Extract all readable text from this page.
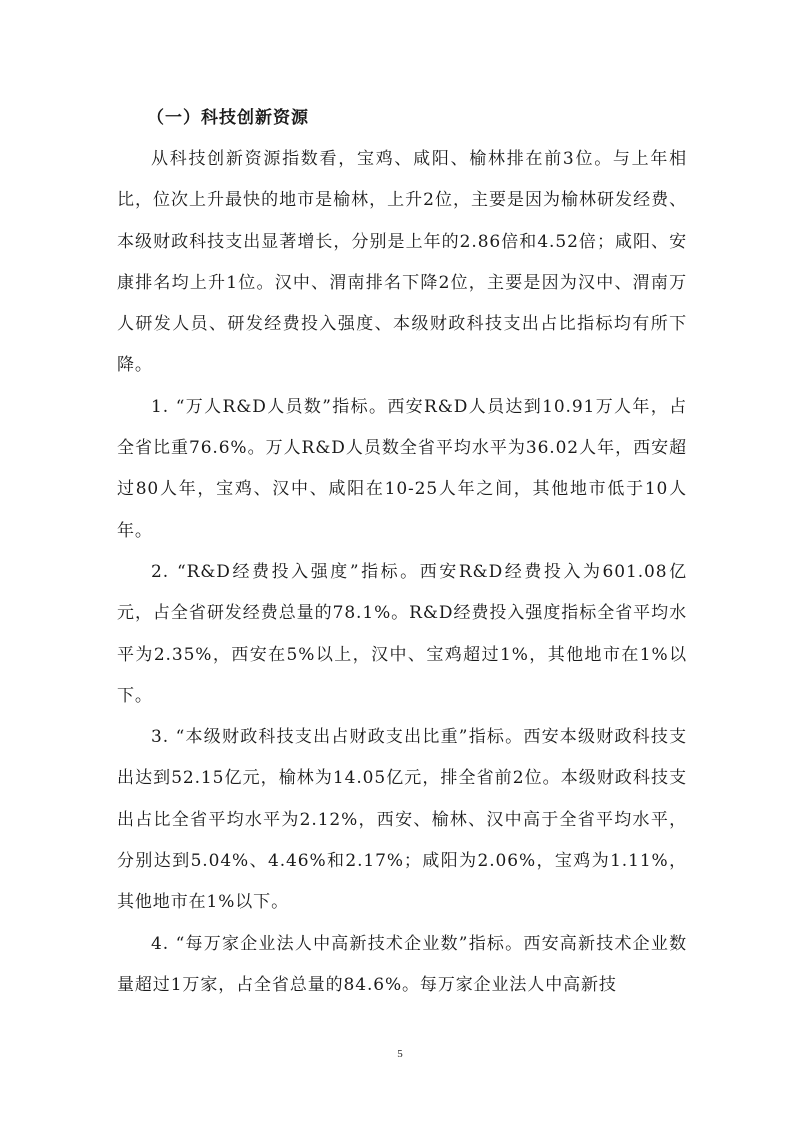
（一）科技创新资源

从科技创新资源指数看，宝鸡、咸阳、榆林排在前3位。与上年相比，位次上升最快的地市是榆林，上升2位，主要是因为榆林研发经费、本级财政科技支出显著增长，分别是上年的2.86倍和4.52倍；咸阳、安康排名均上升1位。汉中、渭南排名下降2位，主要是因为汉中、渭南万人研发人员、研发经费投入强度、本级财政科技支出占比指标均有所下降。

1. “万人R&D人员数”指标。西安R&D人员达到10.91万人年，占全省比重76.6%。万人R&D人员数全省平均水平为36.02人年，西安超过80人年，宝鸡、汉中、咸阳在10-25人年之间，其他地市低于10人年。

2. “R&D经费投入强度”指标。西安R&D经费投入为601.08亿元，占全省研发经费总量的78.1%。R&D经费投入强度指标全省平均水平为2.35%，西安在5%以上，汉中、宝鸡超过1%，其他地市在1%以下。

3. “本级财政科技支出占财政支出比重”指标。西安本级财政科技支出达到52.15亿元，榆林为14.05亿元，排全省前2位。本级财政科技支出占比全省平均水平为2.12%，西安、榆林、汉中高于全省平均水平，分别达到5.04%、4.46%和2.17%；咸阳为2.06%，宝鸡为1.11%，其他地市在1%以下。

4. “每万家企业法人中高新技术企业数”指标。西安高新技术企业数量超过1万家，占全省总量的84.6%。每万家企业法人中高新技

5
